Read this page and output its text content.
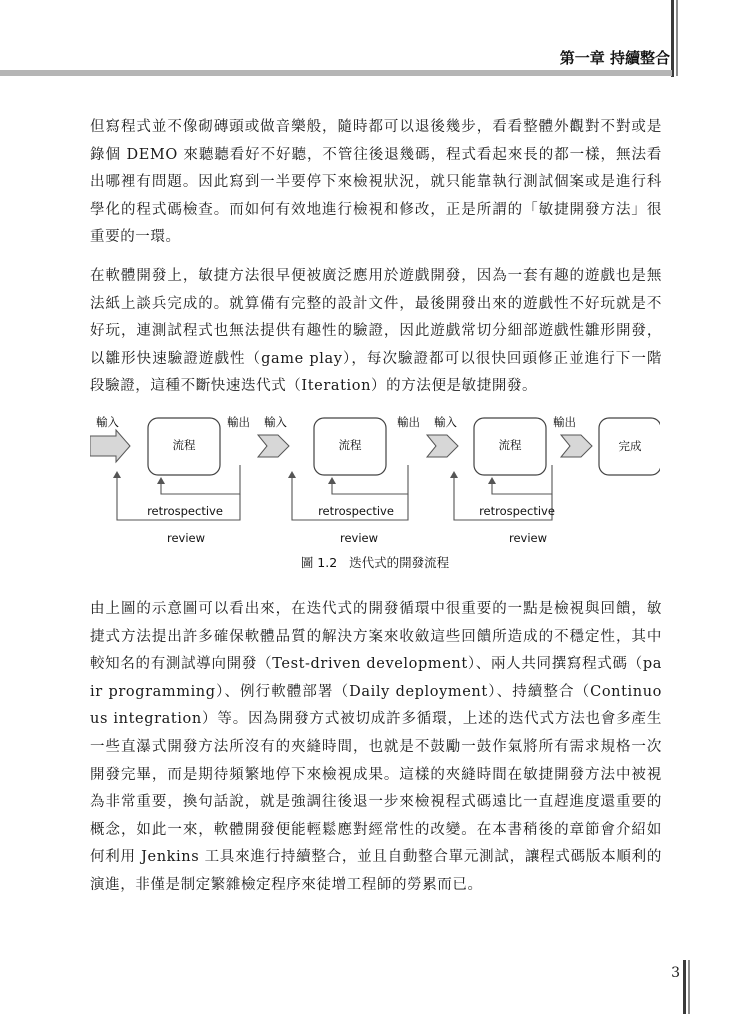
第一章 持續整合

但寫程式並不像砌磚頭或做音樂般，隨時都可以退後幾步，看看整體外觀對不對或是錄個 DEMO 來聽聽看好不好聽，不管往後退幾碼，程式看起來長的都一樣，無法看出哪裡有問題。因此寫到一半要停下來檢視狀況，就只能靠執行測試個案或是進行科學化的程式碼檢查。而如何有效地進行檢視和修改，正是所謂的「敏捷開發方法」很重要的一環。

在軟體開發上，敏捷方法很早便被廣泛應用於遊戲開發，因為一套有趣的遊戲也是無法紙上談兵完成的。就算備有完整的設計文件，最後開發出來的遊戲性不好玩就是不好玩，連測試程式也無法提供有趣性的驗證，因此遊戲常切分細部遊戲性雛形開發，以雛形快速驗證遊戲性（game play），每次驗證都可以很快回頭修正並進行下一階段驗證，這種不斷快速迭代式（Iteration）的方法便是敏捷開發。

輸入
流程
輸出 輸入
流程
輸出 輸入
流程
輸出
完成
retrospective	retrospective	retrospective
review	review	review
圖 1.2 迭代式的開發流程

由上圖的示意圖可以看出來，在迭代式的開發循環中很重要的一點是檢視與回饋，敏捷式方法提出許多確保軟體品質的解決方案來收斂這些回饋所造成的不穩定性，其中較知名的有測試導向開發（Test-driven development）、兩人共同撰寫程式碼（pair programming）、例行軟體部署（Daily deployment）、持續整合（Continuous integration）等。因為開發方式被切成許多循環，上述的迭代式方法也會多產生一些直瀑式開發方法所沒有的夾縫時間，也就是不鼓勵一鼓作氣將所有需求規格一次開發完畢，而是期待頻繁地停下來檢視成果。這樣的夾縫時間在敏捷開發方法中被視為非常重要，換句話說，就是強調往後退一步來檢視程式碼遠比一直趕進度還重要的概念，如此一來，軟體開發便能輕鬆應對經常性的改變。在本書稍後的章節會介紹如何利用 Jenkins 工具來進行持續整合，並且自動整合單元測試，讓程式碼版本順利的演進，非僅是制定繁雜檢定程序來徒增工程師的勞累而已。

3
